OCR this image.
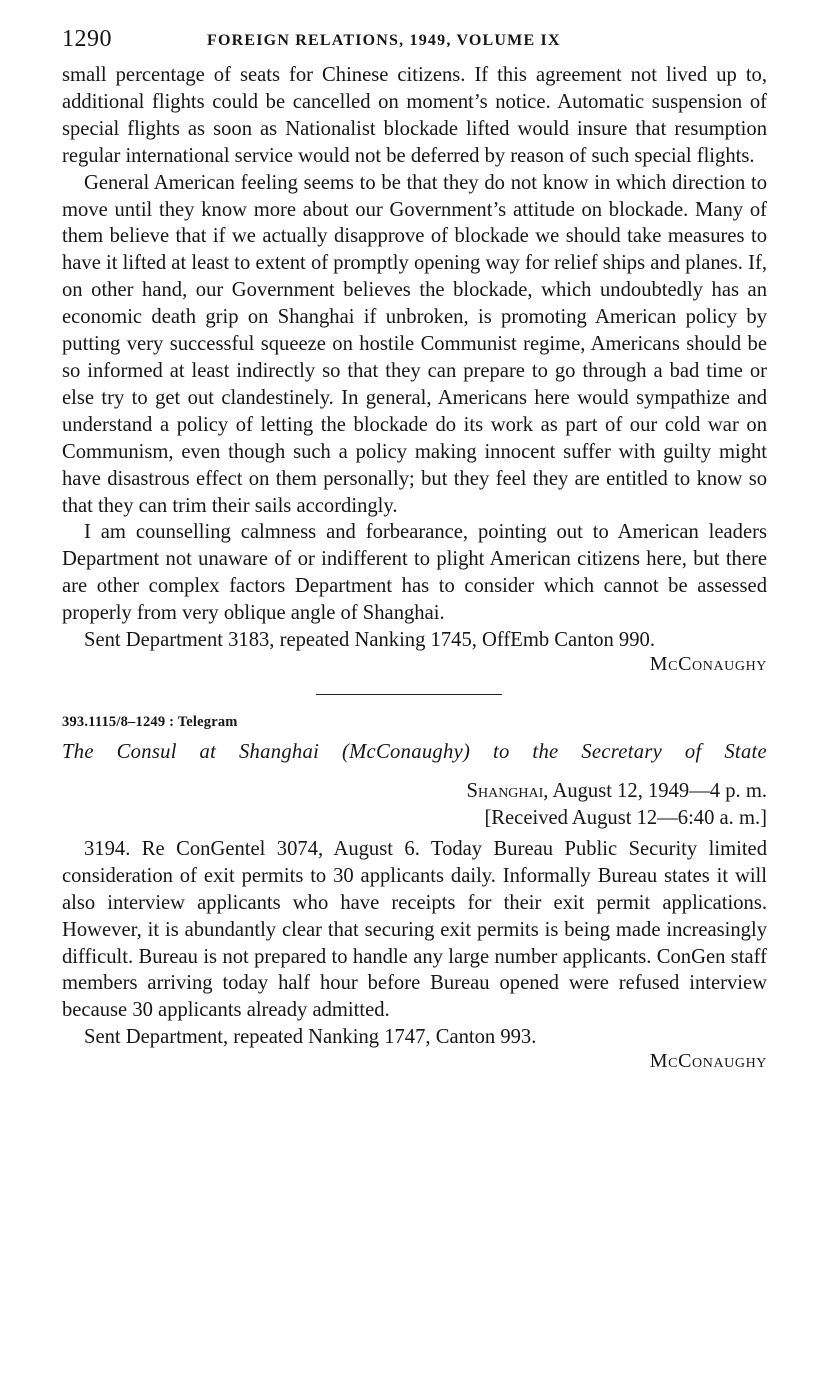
1290	FOREIGN RELATIONS, 1949, VOLUME IX

small percentage of seats for Chinese citizens. If this agreement not lived up to, additional flights could be cancelled on moment’s notice. Automatic suspension of special flights as soon as Nationalist blockade lifted would insure that resumption regular international service would not be deferred by reason of such special flights.

General American feeling seems to be that they do not know in which direction to move until they know more about our Government’s attitude on blockade. Many of them believe that if we actually disapprove of blockade we should take measures to have it lifted at least to extent of promptly opening way for relief ships and planes. If, on other hand, our Government believes the blockade, which undoubtedly has an economic death grip on Shanghai if unbroken, is promoting American policy by putting very successful squeeze on hostile Communist regime, Americans should be so informed at least indirectly so that they can prepare to go through a bad time or else try to get out clandestinely. In general, Americans here would sympathize and understand a policy of letting the blockade do its work as part of our cold war on Communism, even though such a policy making innocent suffer with guilty might have disastrous effect on them personally; but they feel they are entitled to know so that they can trim their sails accordingly.

I am counselling calmness and forbearance, pointing out to American leaders Department not unaware of or indifferent to plight American citizens here, but there are other complex factors Department has to consider which cannot be assessed properly from very oblique angle of Shanghai.

Sent Department 3183, repeated Nanking 1745, OffEmb Canton 990.

McConaughy
393.1115/8–1249 : Telegram
The Consul at Shanghai (McConaughy) to the Secretary of State
Shanghai, August 12, 1949—4 p. m.
[Received August 12—6:40 a. m.]

3194. Re ConGentel 3074, August 6. Today Bureau Public Security limited consideration of exit permits to 30 applicants daily. Informally Bureau states it will also interview applicants who have receipts for their exit permit applications. However, it is abundantly clear that securing exit permits is being made increasingly difficult. Bureau is not prepared to handle any large number applicants. ConGen staff members arriving today half hour before Bureau opened were refused interview because 30 applicants already admitted.

Sent Department, repeated Nanking 1747, Canton 993.

McConaughy
